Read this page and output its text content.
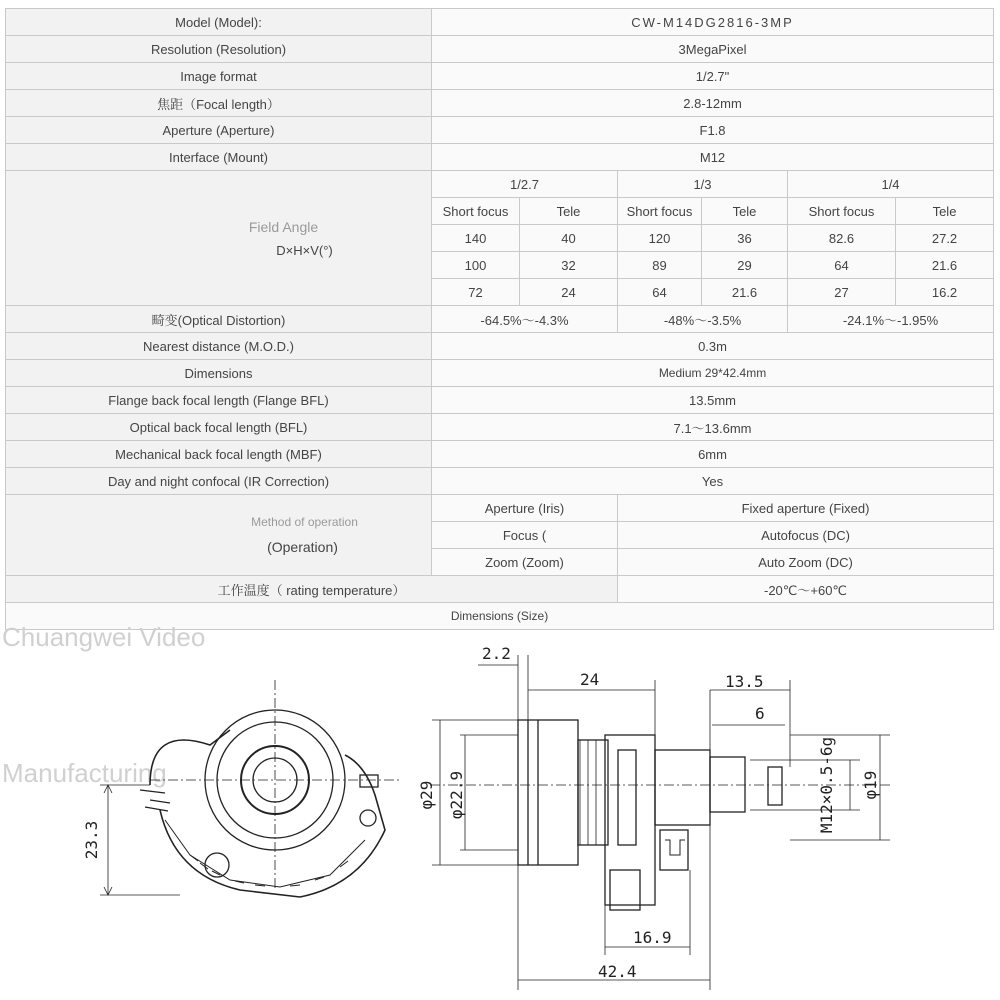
Model (Model):	CW-M14DG2816-3MP					
Resolution (Resolution)	3MegaPixel					
Image format	1/2.7"					
焦距（Focal length）	2.8-12mm					
Aperture (Aperture)	F1.8					
Interface (Mount)	M12					

Field Angle
D×H×V(°)	1/2.7		1/3		1/4	
	Short focus	Tele	Short focus	Tele	Short focus	Tele
	140	40	120	36	82.6	27.2
	100	32	89	29	64	21.6
	72	24	64	21.6	27	16.2
畸变(Optical Distortion)	-64.5%～-4.3%		-48%～-3.5%		-24.1%～-1.95%	
Nearest distance (M.O.D.)	0.3m					
Dimensions	Medium 29*42.4mm					
Flange back focal length (Flange BFL)	13.5mm					
Optical back focal length (BFL)	7.1～13.6mm					
Mechanical back focal length (MBF)	6mm					
Day and night confocal (IR Correction)	Yes					

Method of operation
(Operation)	Aperture (Iris)		Fixed aperture (Fixed)			
	Focus (		Autofocus (DC)			
	Zoom (Zoom)		Auto Zoom (DC)			
工作温度（ rating temperature）			-20℃～+60℃			
Dimensions (Size)						
Chuangwei Video
Manufacturing
23.3
2.2
24	13.5
6
φ29 φ22.9	M12×0.5-6g φ19
16.9
42.4
